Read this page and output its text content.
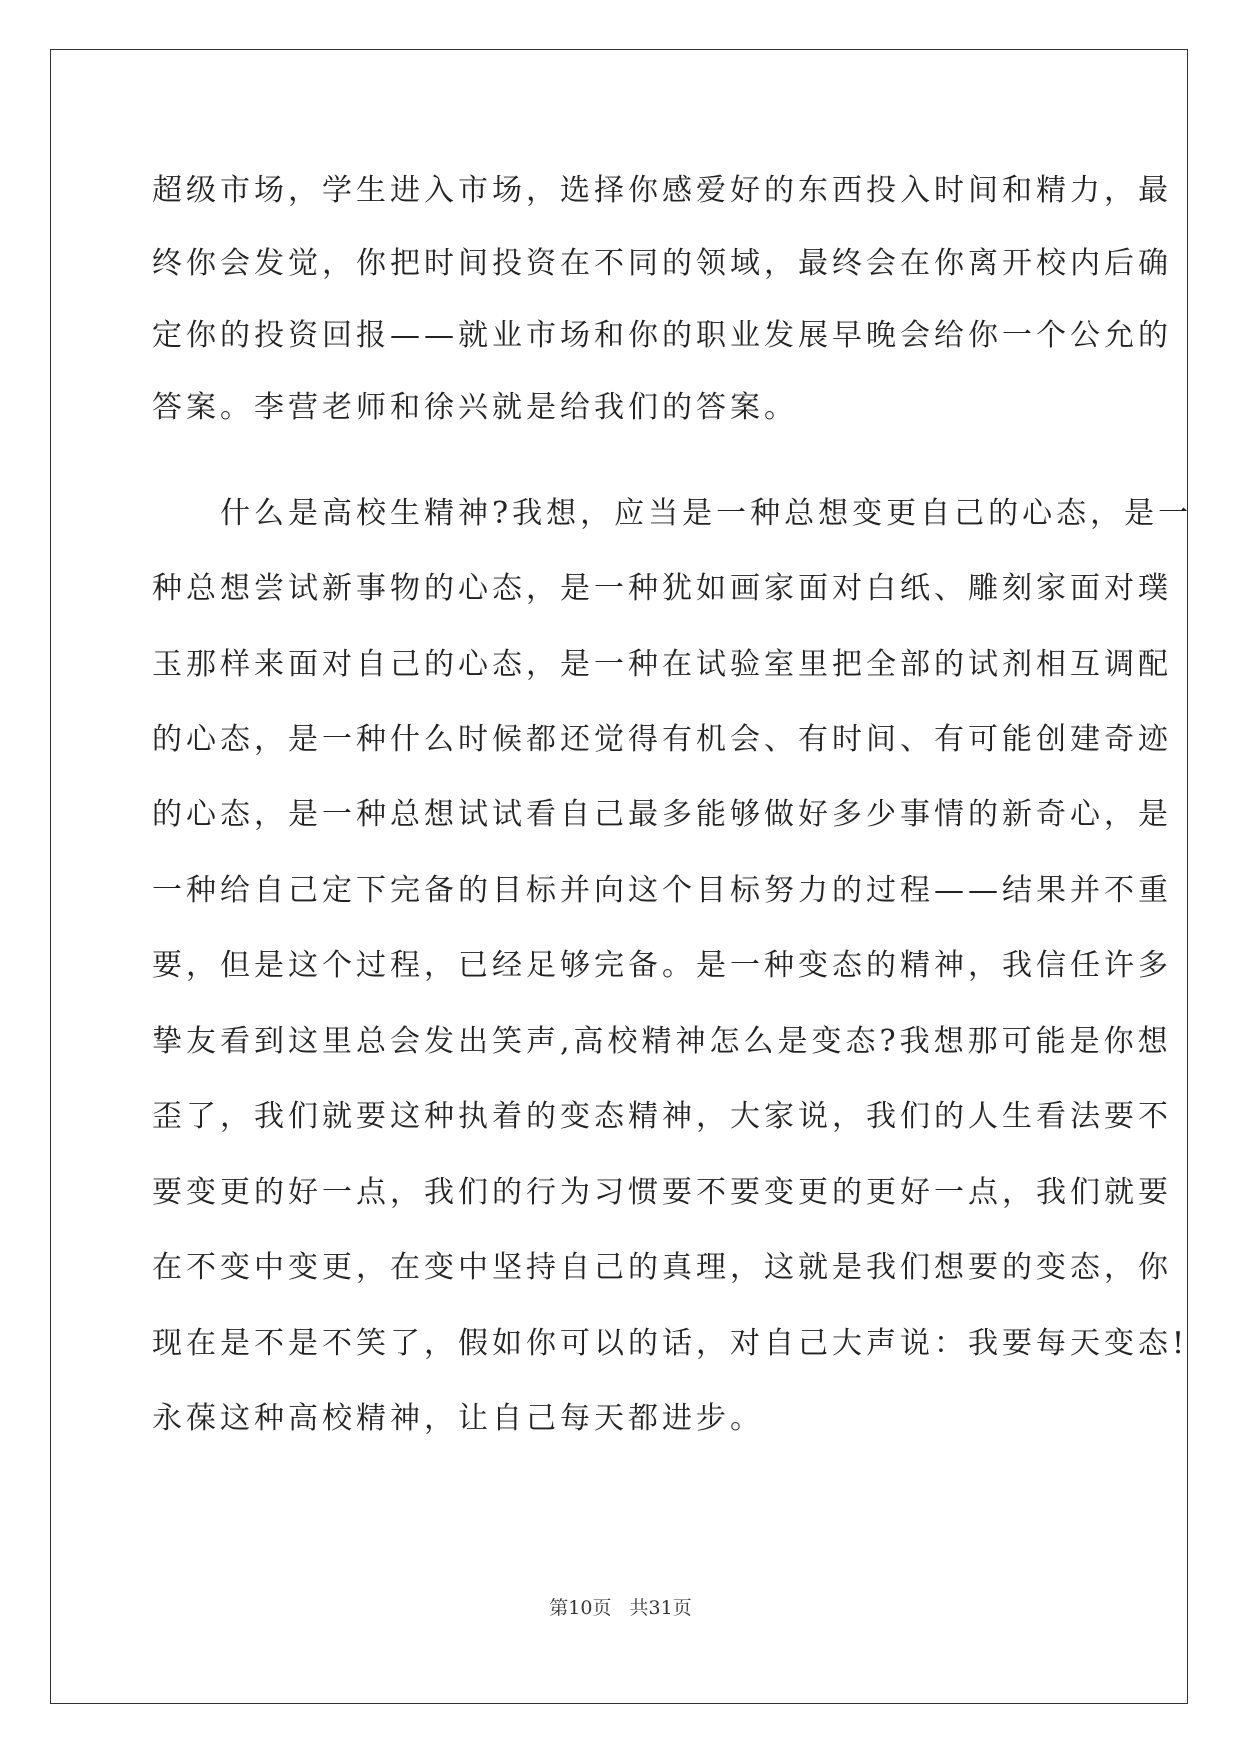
超级市场，学生进入市场，选择你感爱好的东西投入时间和精力，最
终你会发觉，你把时间投资在不同的领域，最终会在你离开校内后确
定你的投资回报——就业市场和你的职业发展早晚会给你一个公允的
答案。李营老师和徐兴就是给我们的答案。
　　什么是高校生精神?我想，应当是一种总想变更自己的心态，是一
种总想尝试新事物的心态，是一种犹如画家面对白纸、雕刻家面对璞
玉那样来面对自己的心态，是一种在试验室里把全部的试剂相互调配
的心态，是一种什么时候都还觉得有机会、有时间、有可能创建奇迹
的心态，是一种总想试试看自己最多能够做好多少事情的新奇心，是
一种给自己定下完备的目标并向这个目标努力的过程——结果并不重
要，但是这个过程，已经足够完备。是一种变态的精神，我信任许多
挚友看到这里总会发出笑声,高校精神怎么是变态?我想那可能是你想
歪了，我们就要这种执着的变态精神，大家说，我们的人生看法要不
要变更的好一点，我们的行为习惯要不要变更的更好一点，我们就要
在不变中变更，在变中坚持自己的真理，这就是我们想要的变态，你
现在是不是不笑了，假如你可以的话，对自己大声说：我要每天变态!
永葆这种高校精神，让自己每天都进步。
第10页 共31页
